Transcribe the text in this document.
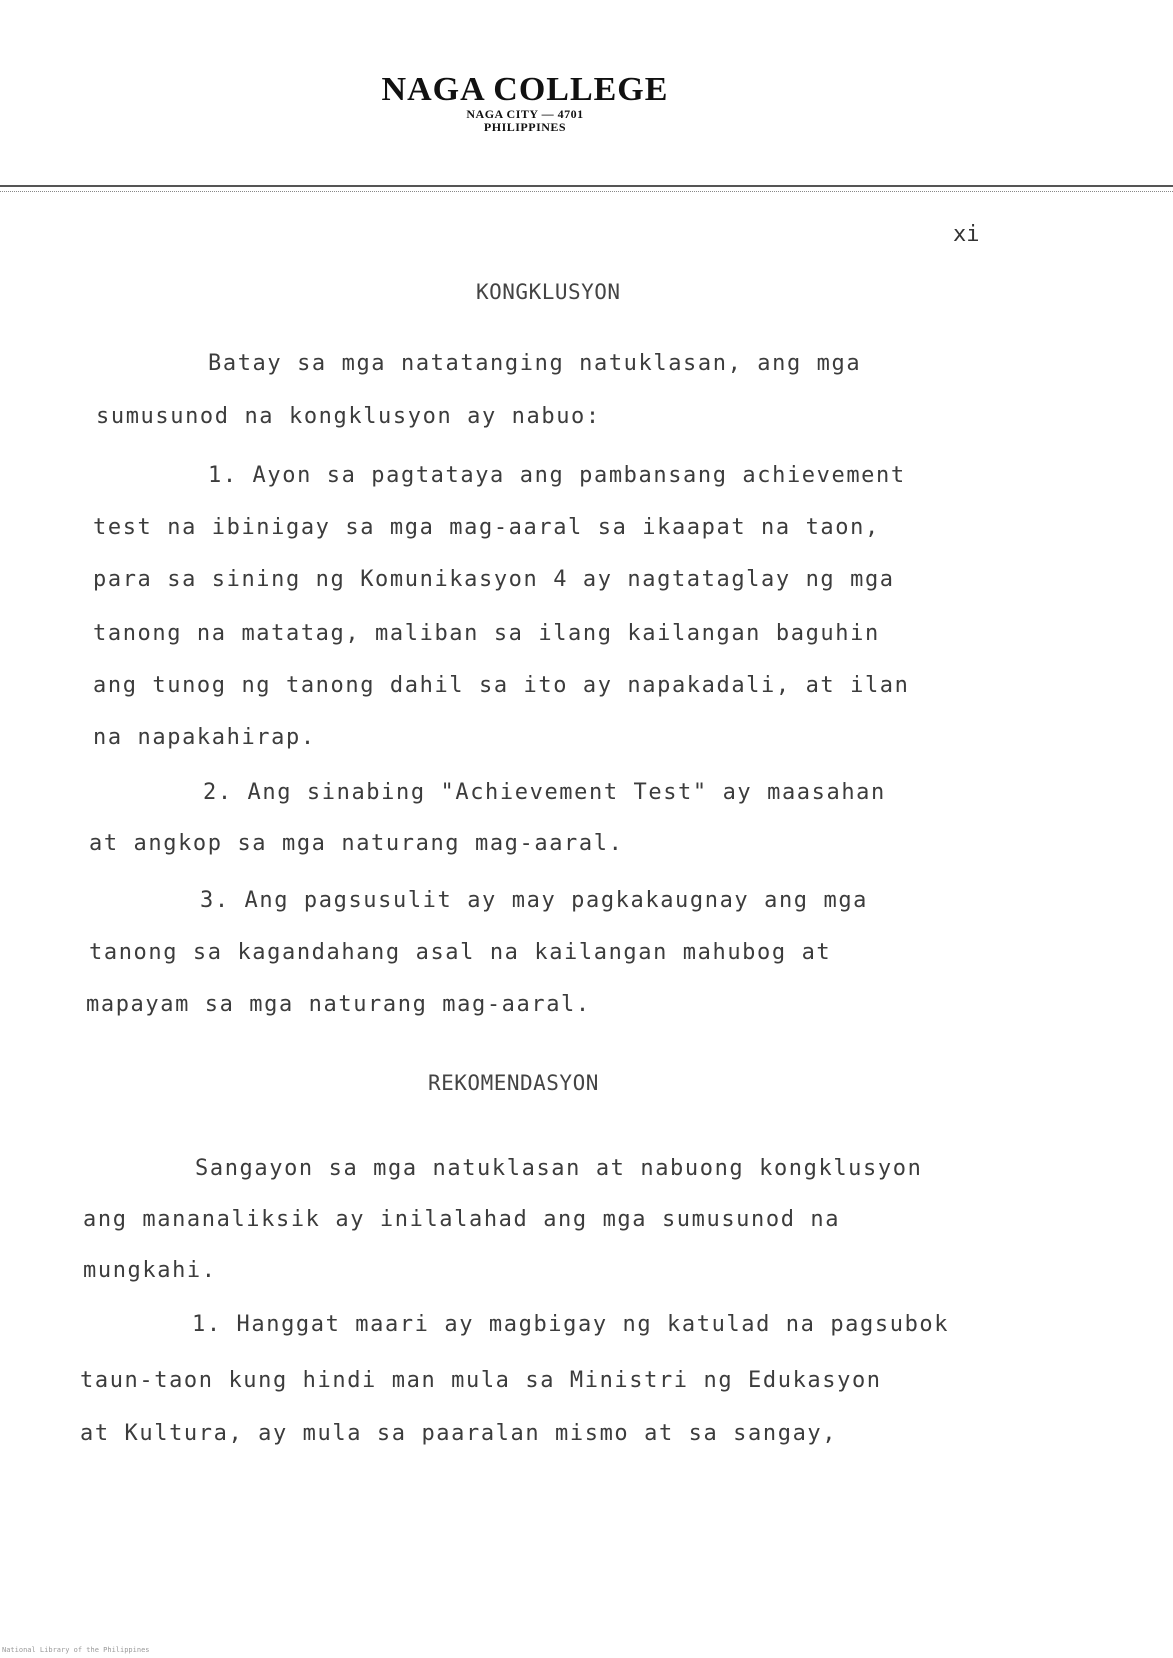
NAGA COLLEGE
NAGA CITY — 4701
PHILIPPINES
xi
KONGKLUSYON
Batay sa mga natatanging natuklasan, ang mga
sumusunod na kongklusyon ay nabuo:
1. Ayon sa pagtataya ang pambansang achievement
test na ibinigay sa mga mag-aaral sa ikaapat na taon,
para sa sining ng Komunikasyon 4 ay nagtataglay ng mga
tanong na matatag, maliban sa ilang kailangan baguhin
ang tunog ng tanong dahil sa ito ay napakadali, at ilan
na napakahirap.
2. Ang sinabing "Achievement Test" ay maasahan
at angkop sa mga naturang mag-aaral.
3. Ang pagsusulit ay may pagkakaugnay ang mga
tanong sa kagandahang asal na kailangan mahubog at
mapayam sa mga naturang mag-aaral.
REKOMENDASYON
Sangayon sa mga natuklasan at nabuong kongklusyon
ang mananaliksik ay inilalahad ang mga sumusunod na
mungkahi.
1. Hanggat maari ay magbigay ng katulad na pagsubok
taun-taon kung hindi man mula sa Ministri ng Edukasyon
at Kultura, ay mula sa paaralan mismo at sa sangay,
National Library of the Philippines
